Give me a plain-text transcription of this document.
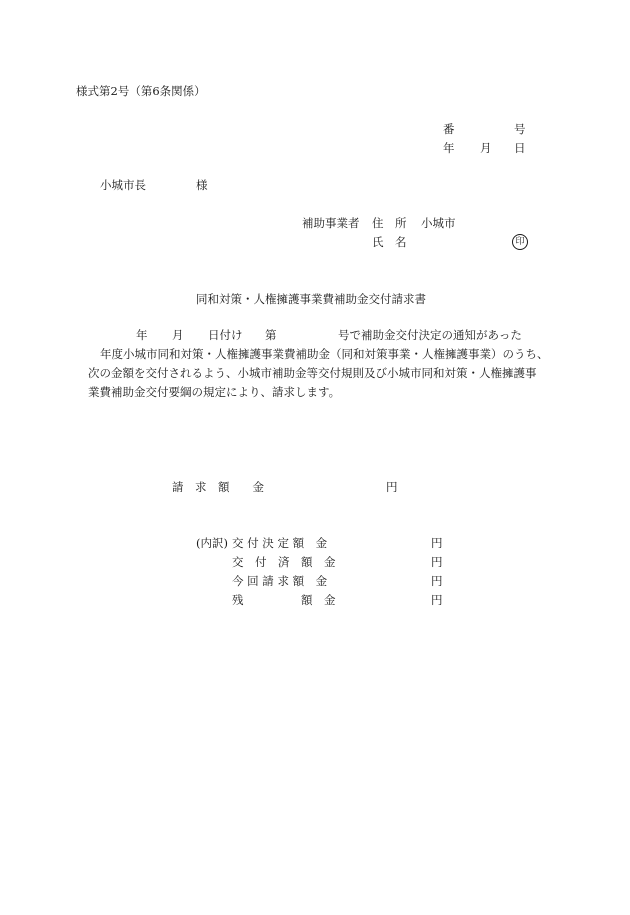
様式第2号（第6条関係）

番	号

年 月 日

小城市長	様

補助事業者 住　所 小城市

氏　名	印

同和対策・人権擁護事業費補助金交付請求書

年 月 日付け 第	号で補助金交付決定の通知があった

年度小城市同和対策・人権擁護事業費補助金（同和対策事業・人権擁護事業）のうち、

次の金額を交付されるよう、小城市補助金等交付規則及び小城市同和対策・人権擁護事

業費補助金交付要綱の規定により、請求します。

請　求　額　　金	円

(内訳) 交 付 決 定 額　金	円

交　付　済　額　金	円

今 回 請 求 額　金	円

残　　　　　額　金	円
